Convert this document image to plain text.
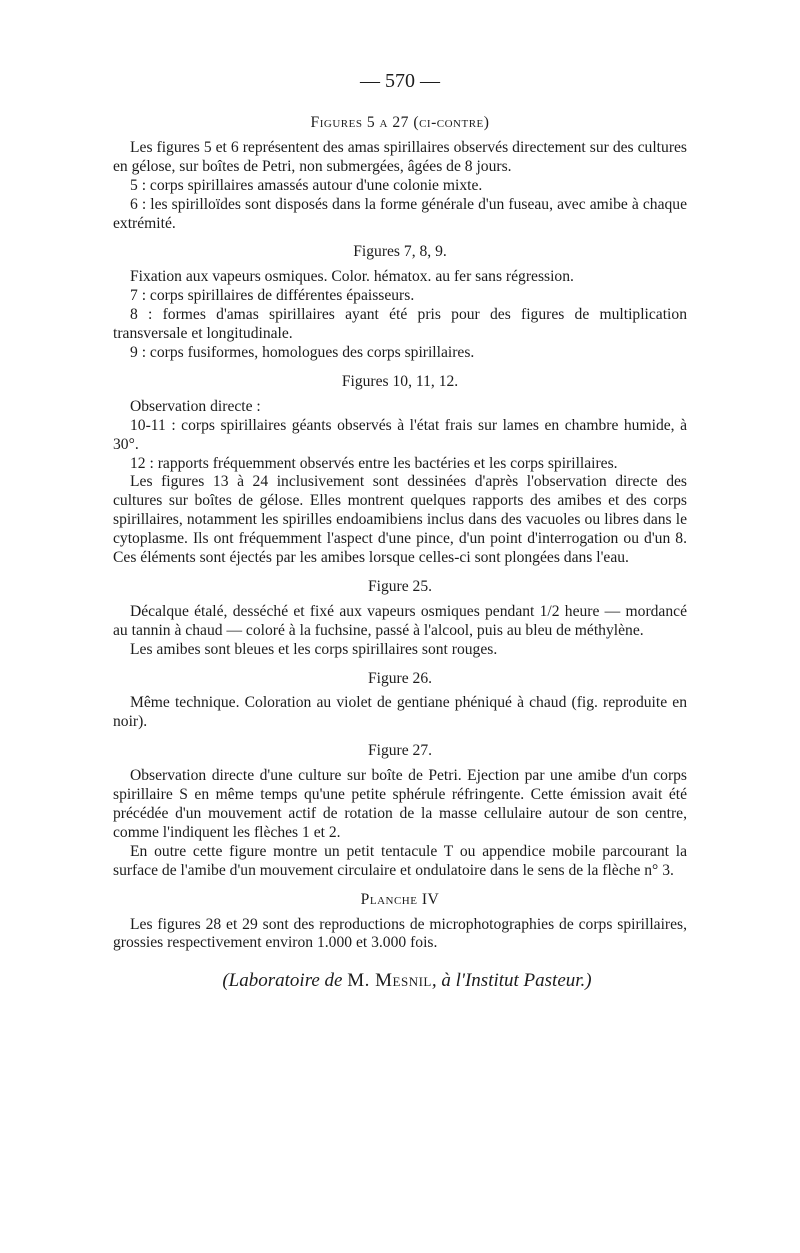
— 570 —
Figures 5 a 27 (ci-contre)

Les figures 5 et 6 représentent des amas spirillaires observés directement sur des cultures en gélose, sur boîtes de Petri, non submergées, âgées de 8 jours.

5 : corps spirillaires amassés autour d'une colonie mixte.

6 : les spirilloïdes sont disposés dans la forme générale d'un fuseau, avec amibe à chaque extrémité.

Figures 7, 8, 9.

Fixation aux vapeurs osmiques. Color. hématox. au fer sans régression.

7 : corps spirillaires de différentes épaisseurs.

8 : formes d'amas spirillaires ayant été pris pour des figures de multiplication transversale et longitudinale.

9 : corps fusiformes, homologues des corps spirillaires.

Figures 10, 11, 12.

Observation directe :

10-11 : corps spirillaires géants observés à l'état frais sur lames en chambre humide, à 30°.

12 : rapports fréquemment observés entre les bactéries et les corps spirillaires.

Les figures 13 à 24 inclusivement sont dessinées d'après l'observation directe des cultures sur boîtes de gélose. Elles montrent quelques rapports des amibes et des corps spirillaires, notamment les spirilles endoamibiens inclus dans des vacuoles ou libres dans le cytoplasme. Ils ont fréquemment l'aspect d'une pince, d'un point d'interrogation ou d'un 8. Ces éléments sont éjectés par les amibes lorsque celles-ci sont plongées dans l'eau.

Figure 25.

Décalque étalé, desséché et fixé aux vapeurs osmiques pendant 1/2 heure — mordancé au tannin à chaud — coloré à la fuchsine, passé à l'alcool, puis au bleu de méthylène.

Les amibes sont bleues et les corps spirillaires sont rouges.

Figure 26.

Même technique. Coloration au violet de gentiane phéniqué à chaud (fig. reproduite en noir).

Figure 27.

Observation directe d'une culture sur boîte de Petri. Ejection par une amibe d'un corps spirillaire S en même temps qu'une petite sphérule réfringente. Cette émission avait été précédée d'un mouvement actif de rotation de la masse cellulaire autour de son centre, comme l'indiquent les flèches 1 et 2.

En outre cette figure montre un petit tentacule T ou appendice mobile parcourant la surface de l'amibe d'un mouvement circulaire et ondulatoire dans le sens de la flèche n° 3.

Planche IV

Les figures 28 et 29 sont des reproductions de microphotographies de corps spirillaires, grossies respectivement environ 1.000 et 3.000 fois.

(Laboratoire de M. Mesnil, à l'Institut Pasteur.)
